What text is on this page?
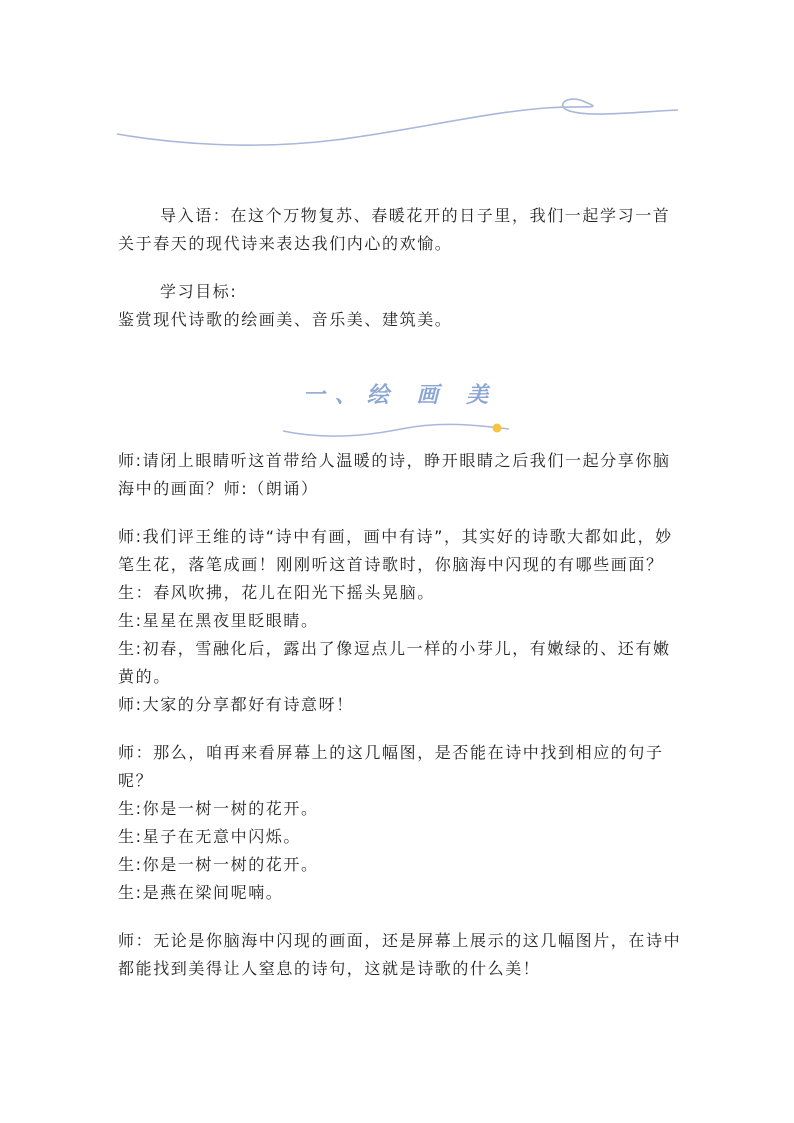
导入语：在这个万物复苏、春暖花开的日子里，我们一起学习一首关于春天的现代诗来表达我们内心的欢愉。

学习目标:

鉴赏现代诗歌的绘画美、音乐美、建筑美。

一、绘 画 美

师:请闭上眼睛听这首带给人温暖的诗，睁开眼睛之后我们一起分享你脑海中的画面？师:（朗诵）

师:我们评王维的诗“诗中有画，画中有诗”，其实好的诗歌大都如此，妙笔生花，落笔成画！刚刚听这首诗歌时，你脑海中闪现的有哪些画面？

生：春风吹拂，花儿在阳光下摇头晃脑。

生:星星在黑夜里眨眼睛。

生:初春，雪融化后，露出了像逗点儿一样的小芽儿，有嫩绿的、还有嫩黄的。

师:大家的分享都好有诗意呀！

师：那么，咱再来看屏幕上的这几幅图，是否能在诗中找到相应的句子呢？

生:你是一树一树的花开。

生:星子在无意中闪烁。

生:你是一树一树的花开。

生:是燕在梁间呢喃。

师：无论是你脑海中闪现的画面，还是屏幕上展示的这几幅图片，在诗中都能找到美得让人窒息的诗句，这就是诗歌的什么美！
